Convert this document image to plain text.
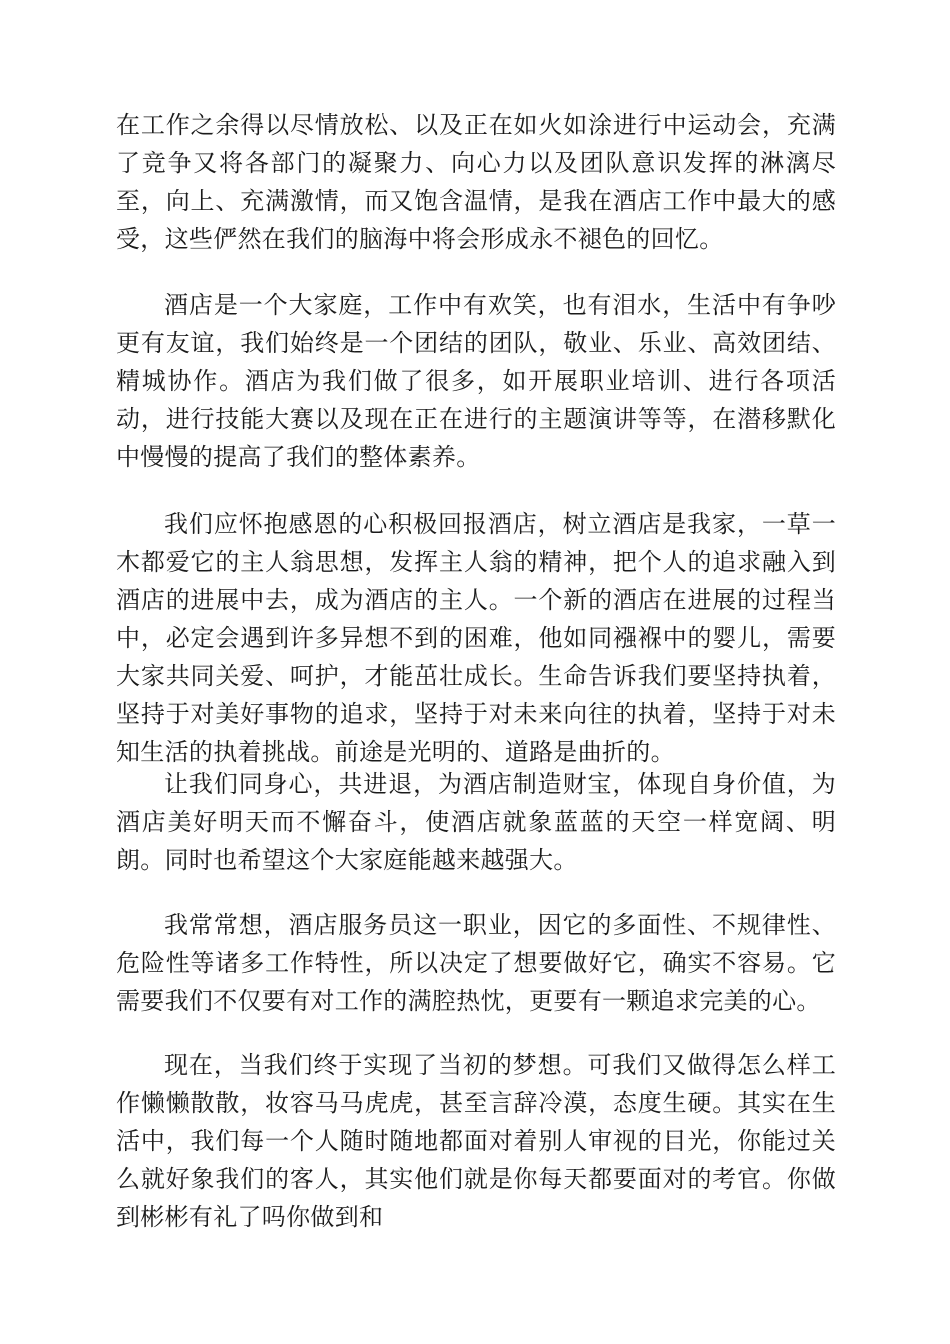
在工作之余得以尽情放松、以及正在如火如涂进行中运动会，充满了竞争又将各部门的凝聚力、向心力以及团队意识发挥的淋漓尽至，向上、充满激情，而又饱含温情，是我在酒店工作中最大的感受，这些俨然在我们的脑海中将会形成永不褪色的回忆。

酒店是一个大家庭，工作中有欢笑，也有泪水，生活中有争吵更有友谊，我们始终是一个团结的团队，敬业、乐业、高效团结、精城协作。酒店为我们做了很多，如开展职业培训、进行各项活动，进行技能大赛以及现在正在进行的主题演讲等等，在潜移默化中慢慢的提高了我们的整体素养。

我们应怀抱感恩的心积极回报酒店，树立酒店是我家，一草一木都爱它的主人翁思想，发挥主人翁的精神，把个人的追求融入到酒店的进展中去，成为酒店的主人。一个新的酒店在进展的过程当中，必定会遇到许多异想不到的困难，他如同襁褓中的婴儿，需要大家共同关爱、呵护，才能茁壮成长。生命告诉我们要坚持执着，坚持于对美好事物的追求，坚持于对未来向往的执着，坚持于对未知生活的执着挑战。前途是光明的、道路是曲折的。

让我们同身心，共进退，为酒店制造财宝，体现自身价值，为酒店美好明天而不懈奋斗，使酒店就象蓝蓝的天空一样宽阔、明朗。同时也希望这个大家庭能越来越强大。

我常常想，酒店服务员这一职业，因它的多面性、不规律性、危险性等诸多工作特性，所以决定了想要做好它，确实不容易。它需要我们不仅要有对工作的满腔热忱，更要有一颗追求完美的心。

现在，当我们终于实现了当初的梦想。可我们又做得怎么样工作懒懒散散，妆容马马虎虎，甚至言辞冷漠，态度生硬。其实在生活中，我们每一个人随时随地都面对着别人审视的目光，你能过关么就好象我们的客人，其实他们就是你每天都要面对的考官。你做到彬彬有礼了吗你做到和
